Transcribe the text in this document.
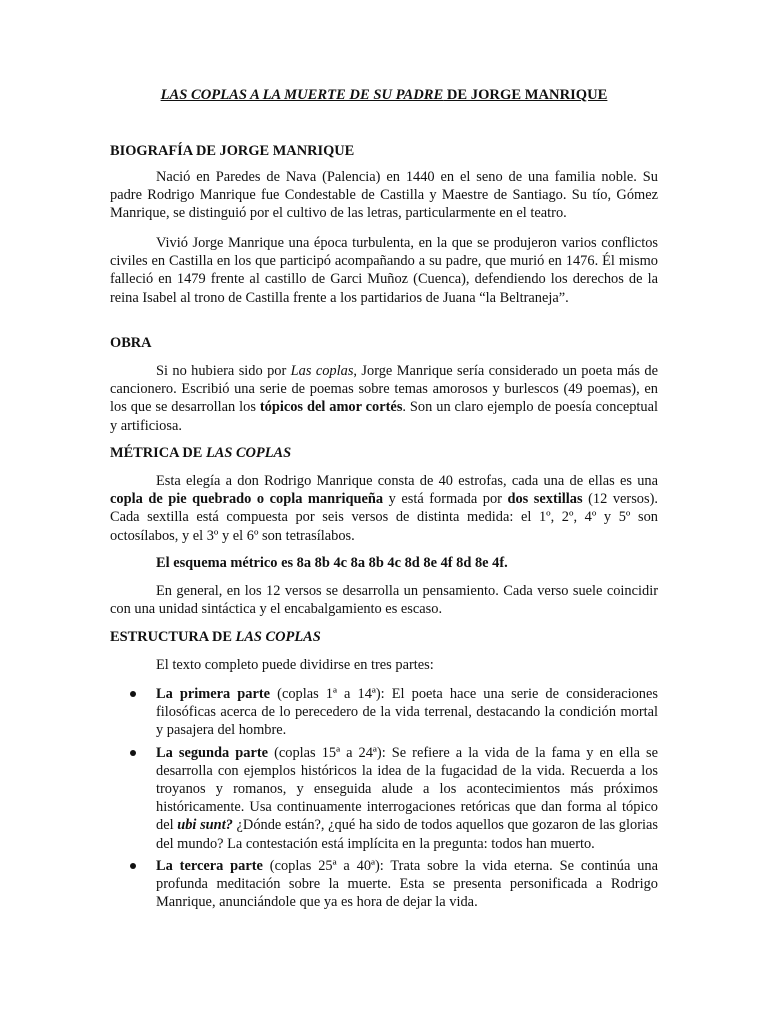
LAS COPLAS A LA MUERTE DE SU PADRE DE JORGE MANRIQUE
BIOGRAFÍA DE JORGE MANRIQUE

Nació en Paredes de Nava (Palencia) en 1440 en el seno de una familia noble. Su padre Rodrigo Manrique fue Condestable de Castilla y Maestre de Santiago. Su tío, Gómez Manrique, se distinguió por el cultivo de las letras, particularmente en el teatro.

Vivió Jorge Manrique una época turbulenta, en la que se produjeron varios conflictos civiles en Castilla en los que participó acompañando a su padre, que murió en 1476. Él mismo falleció en 1479 frente al castillo de Garci Muñoz (Cuenca), defendiendo los derechos de la reina Isabel al trono de Castilla frente a los partidarios de Juana “la Beltraneja”.

OBRA

Si no hubiera sido por Las coplas, Jorge Manrique sería considerado un poeta más de cancionero. Escribió una serie de poemas sobre temas amorosos y burlescos (49 poemas), en los que se desarrollan los tópicos del amor cortés. Son un claro ejemplo de poesía conceptual y artificiosa.

MÉTRICA DE LAS COPLAS

Esta elegía a don Rodrigo Manrique consta de 40 estrofas, cada una de ellas es una copla de pie quebrado o copla manriqueña y está formada por dos sextillas (12 versos). Cada sextilla está compuesta por seis versos de distinta medida: el 1º, 2º, 4º y 5º son octosílabos, y el 3º y el 6º son tetrasílabos.

El esquema métrico es 8a 8b 4c 8a 8b 4c 8d 8e 4f 8d 8e 4f.

En general, en los 12 versos se desarrolla un pensamiento. Cada verso suele coincidir con una unidad sintáctica y el encabalgamiento es escaso.

ESTRUCTURA DE LAS COPLAS

El texto completo puede dividirse en tres partes:

La primera parte (coplas 1ª a 14ª): El poeta hace una serie de consideraciones filosóficas acerca de lo perecedero de la vida terrenal, destacando la condición mortal y pasajera del hombre.
La segunda parte (coplas 15ª a 24ª): Se refiere a la vida de la fama y en ella se desarrolla con ejemplos históricos la idea de la fugacidad de la vida. Recuerda a los troyanos y romanos, y enseguida alude a los acontecimientos más próximos históricamente. Usa continuamente interrogaciones retóricas que dan forma al tópico del ubi sunt? ¿Dónde están?, ¿qué ha sido de todos aquellos que gozaron de las glorias del mundo? La contestación está implícita en la pregunta: todos han muerto.
La tercera parte (coplas 25ª a 40ª): Trata sobre la vida eterna. Se continúa una profunda meditación sobre la muerte. Esta se presenta personificada a Rodrigo Manrique, anunciándole que ya es hora de dejar la vida.
